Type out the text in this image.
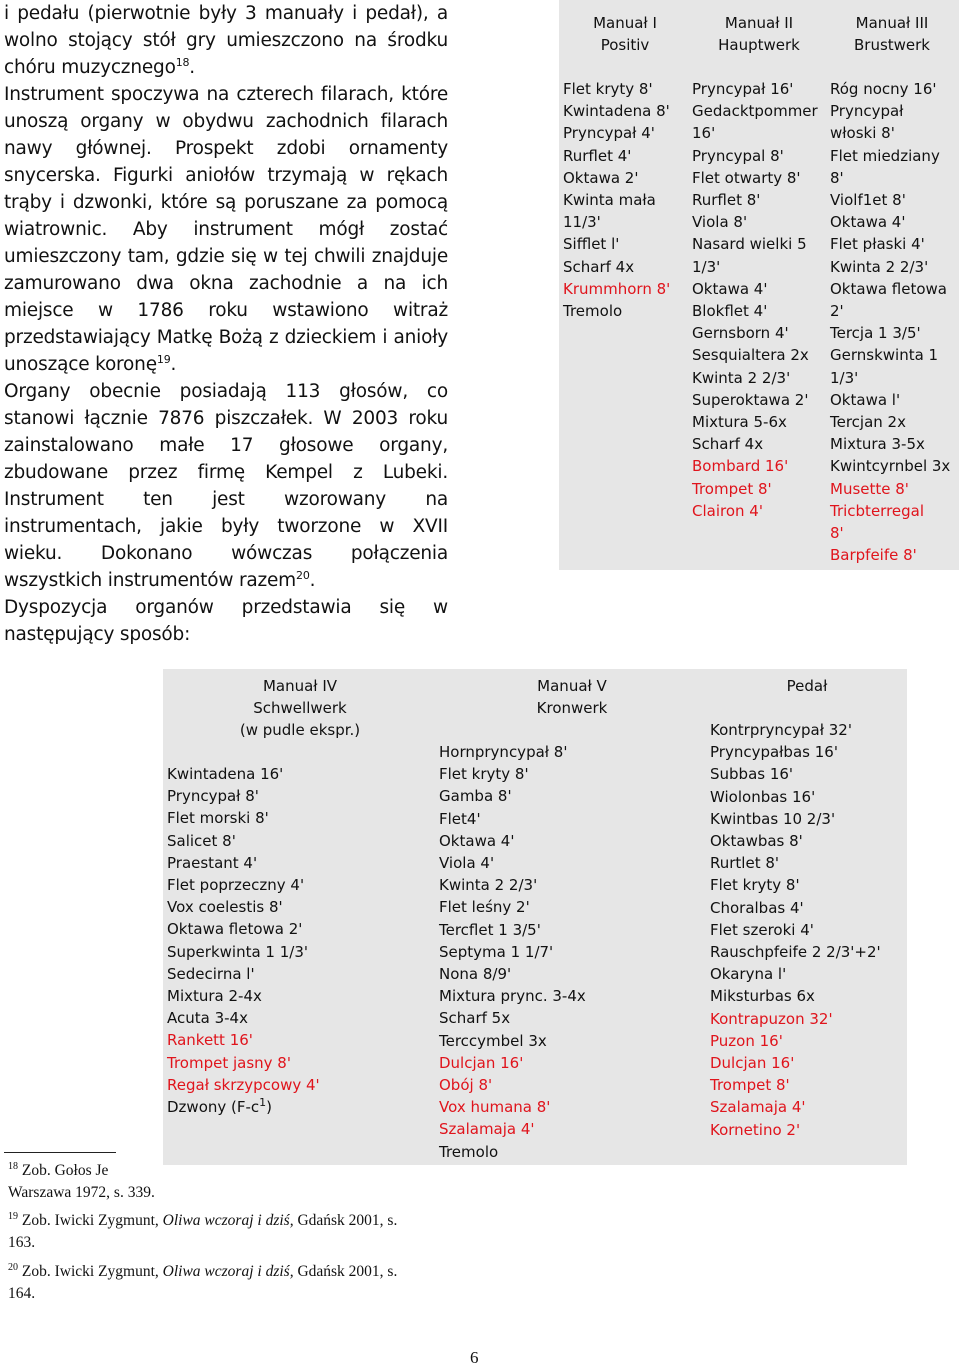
i pedału (pierwotnie były 3 manuały i pedał), a wolno stojący stół gry umieszczono na środku chóru muzycznego$^{18}$.

Instrument spoczywa na czterech filarach, które unoszą organy w obydwu zachodnich filarach nawy głównej. Prospekt zdobi ornamenty snycerska. Figurki aniołów trzymają w rękach trąby i dzwonki, które są poruszane za pomocą wiatrownic. Aby instrument mógł zostać umieszczony tam, gdzie się w tej chwili znajduje zamurowano dwa okna zachodnie a na ich miejsce w 1786 roku wstawiono witraż przedstawiający Matkę Bożą z dzieckiem i anioły unoszące koronę$^{19}$.

Organy obecnie posiadają 113 głosów, co stanowi łącznie 7876 piszczałek. W 2003 roku zainstalowano małe 17 głosowe organy, zbudowane przez firmę Kempel z Lubeki. Instrument ten jest wzorowany na instrumentach, jakie były tworzone w XVII wieku. Dokonano wówczas połączenia wszystkich instrumentów razem$^{20}$.

Dyspozycja organów przedstawia się w następujący sposób:

Manuał I
Positiv
Flet kryty 8'
Kwintadena 8'
Pryncypał 4'
Rurflet 4'
Oktawa 2'
Kwinta mała
11/3'
Sifflet l'
Scharf 4x
Krummhorn 8'
Tremolo
Manuał II
Hauptwerk
Pryncypał 16'
Gedacktpommer
16'
Pryncypal 8'
Flet otwarty 8'
Rurflet 8'
Viola 8'
Nasard wielki 5
1/3'
Oktawa 4'
Blokflet 4'
Gernsborn 4'
Sesquialtera 2x
Kwinta 2 2/3'
Superoktawa 2'
Mixtura 5-6x
Scharf 4x
Bombard 16'
Trompet 8'
Clairon 4'
Manuał III
Brustwerk
Róg nocny 16'
Pryncypał
włoski 8'
Flet miedziany
8'
Violf1et 8'
Oktawa 4'
Flet płaski 4'
Kwinta 2 2/3'
Oktawa fletowa
2'
Tercja 1 3/5'
Gernskwinta 1
1/3'
Oktawa l'
Tercjan 2x
Mixtura 3-5x
Kwintcyrnbel 3x
Musette 8'
Tricbterregal
8'
Barpfeife 8'
Manuał IV
Schwellwerk
(w pudle ekspr.)
Kwintadena 16'
Pryncypał 8'
Flet morski 8'
Salicet 8'
Praestant 4'
Flet poprzeczny 4'
Vox coelestis 8'
Oktawa fletowa 2'
Superkwinta 1 1/3'
Sedecirna l'
Mixtura 2-4x
Acuta 3-4x
Rankett 16'
Trompet jasny 8'
Regał skrzypcowy 4'
Dzwony $(F-c^1)$
Manuał V
Kronwerk
Hornpryncypał 8'
Flet kryty 8'
Gamba 8'
Flet4'
Oktawa 4'
Viola 4'
Kwinta 2 2/3'
Flet leśny 2'
Tercflet 1 3/5'
Septyma 1 1/7'
Nona 8/9'
Mixtura prync. 3-4x
Scharf 5x
Terccymbel 3x
Dulcjan 16'
Obój 8'
Vox humana 8'
Szalamaja 4'
Tremolo
Pedał
Kontrpryncypał 32'
Pryncypałbas 16'
Subbas 16'
Wiolonbas 16'
Kwintbas 10 2/3'
Oktawbas 8'
Rurtlet 8'
Flet kryty 8'
Choralbas 4'
Flet szeroki 4'
Rauschpfeife 2 2/3'+2'
Okaryna l'
Miksturbas 6x
Kontrapuzon 32'
Puzon 16'
Dulcjan 16'
Trompet 8'
Szalamaja 4'
Kornetino 2'
$^{18}$ Zob. Gołos Je
Warszawa 1972, s. 339.
$^{19}$ Zob. Iwicki Zygmunt, Oliwa wczoraj i dziś, Gdańsk 2001, s.
163.
$^{20}$ Zob. Iwicki Zygmunt, Oliwa wczoraj i dziś, Gdańsk 2001, s.
164.
6
